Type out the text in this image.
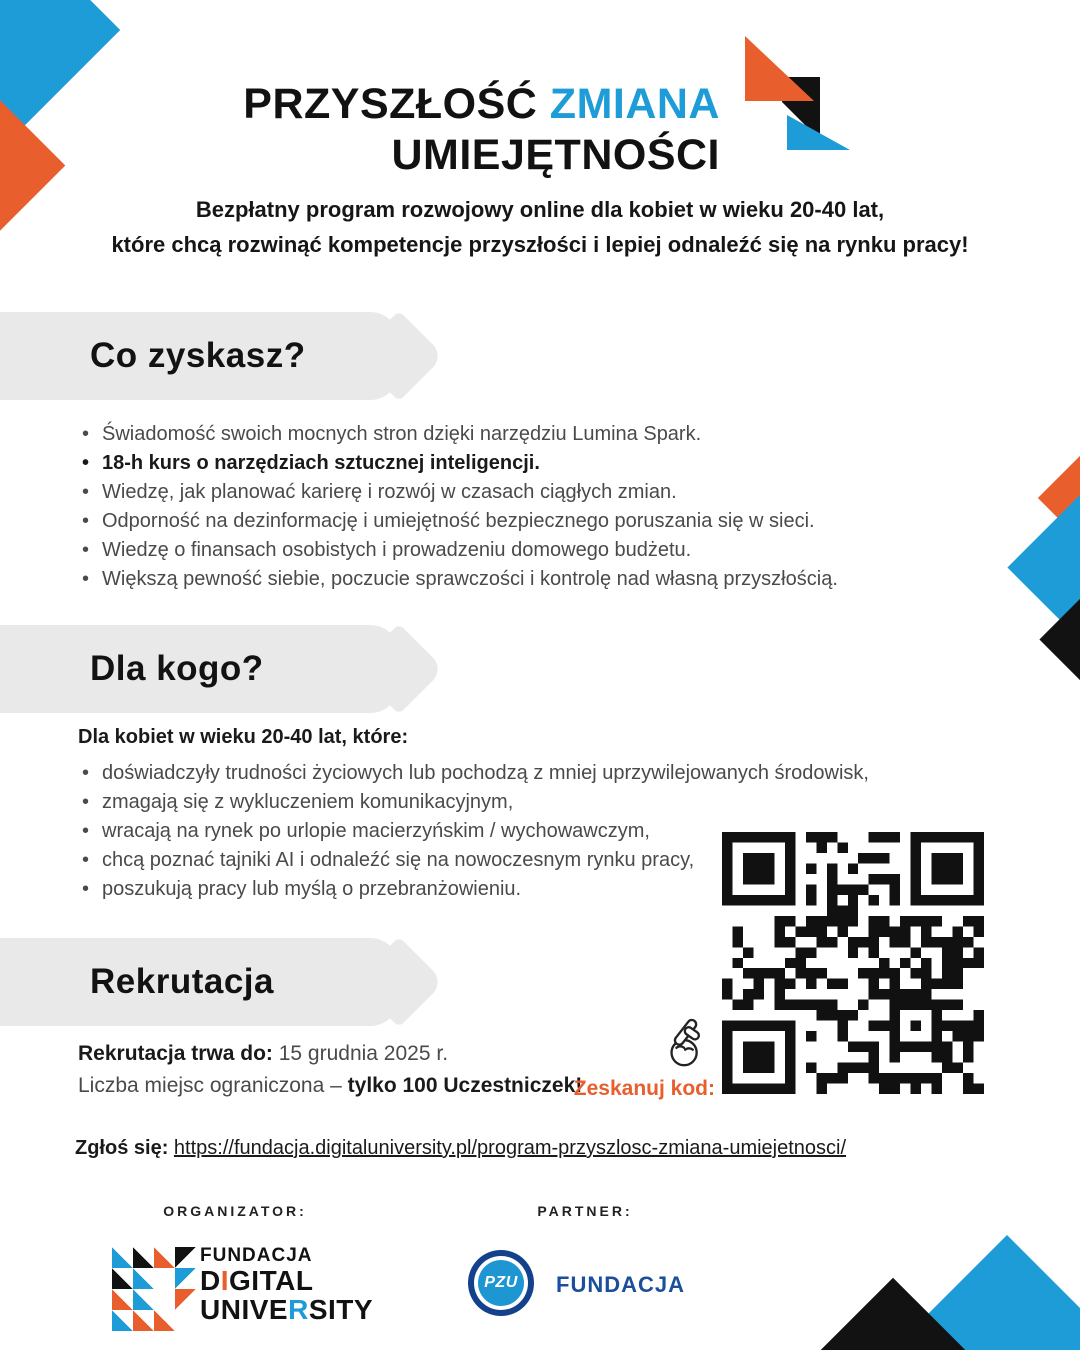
PRZYSZŁOŚĆ ZMIANA
UMIEJĘTNOŚCI
Bezpłatny program rozwojowy online dla kobiet w wieku 20-40 lat,
które chcą rozwinąć kompetencje przyszłości i lepiej odnaleźć się na rynku pracy!
Co zyskasz?
• Świadomość swoich mocnych stron dzięki narzędziu Lumina Spark.
• 18-h kurs o narzędziach sztucznej inteligencji.
• Wiedzę, jak planować karierę i rozwój w czasach ciągłych zmian.
• Odporność na dezinformację i umiejętność bezpiecznego poruszania się w sieci.
• Wiedzę o finansach osobistych i prowadzeniu domowego budżetu.
• Większą pewność siebie, poczucie sprawczości i kontrolę nad własną przyszłością.
Dla kogo?
Dla kobiet w wieku 20-40 lat, które:
• doświadczyły trudności życiowych lub pochodzą z mniej uprzywilejowanych środowisk,
• zmagają się z wykluczeniem komunikacyjnym,
• wracają na rynek po urlopie macierzyńskim / wychowawczym,
• chcą poznać tajniki AI i odnaleźć się na nowoczesnym rynku pracy,
• poszukują pracy lub myślą o przebranżowieniu.
Rekrutacja
Rekrutacja trwa do: 15 grudnia 2025 r.
Liczba miejsc ograniczona – tylko 100 Uczestniczek!
Zeskanuj kod:
Zgłoś się: https://fundacja.digitaluniversity.pl/program-przyszlosc-zmiana-umiejetnosci/
ORGANIZATOR:	PARTNER:
FUNDACJA
DIGITAL
UNIVERSITY
PZU FUNDACJA
